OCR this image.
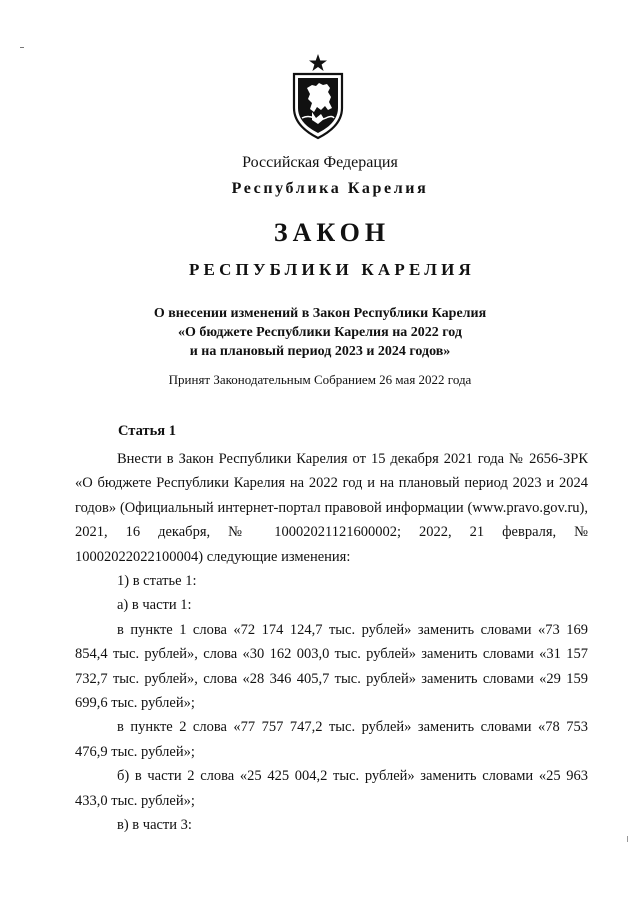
Российская Федерация
Республика Карелия
ЗАКОН
РЕСПУБЛИКИ КАРЕЛИЯ
О внесении изменений в Закон Республики Карелия
«О бюджете Республики Карелия на 2022 год
и на плановый период 2023 и 2024 годов»
Принят Законодательным Собранием 26 мая 2022 года
Статья 1

Внести в Закон Республики Карелия от 15 декабря 2021 года № 2656-ЗРК «О бюджете Республики Карелия на 2022 год и на плановый период 2023 и 2024 годов» (Официальный интернет-портал правовой информации (www.pravo.gov.ru), 2021, 16 декабря, № 10002021121600002; 2022, 21 февраля, № 10002022022100004) следующие изменения:

1) в статье 1:

а) в части 1:

в пункте 1 слова «72 174 124,7 тыс. рублей» заменить словами «73 169 854,4 тыс. рублей», слова «30 162 003,0 тыс. рублей» заменить словами «31 157 732,7 тыс. рублей», слова «28 346 405,7 тыс. рублей» заменить словами «29 159 699,6 тыс. рублей»;

в пункте 2 слова «77 757 747,2 тыс. рублей» заменить словами «78 753 476,9 тыс. рублей»;

б) в части 2 слова «25 425 004,2 тыс. рублей» заменить словами «25 963 433,0 тыс. рублей»;

в) в части 3:
